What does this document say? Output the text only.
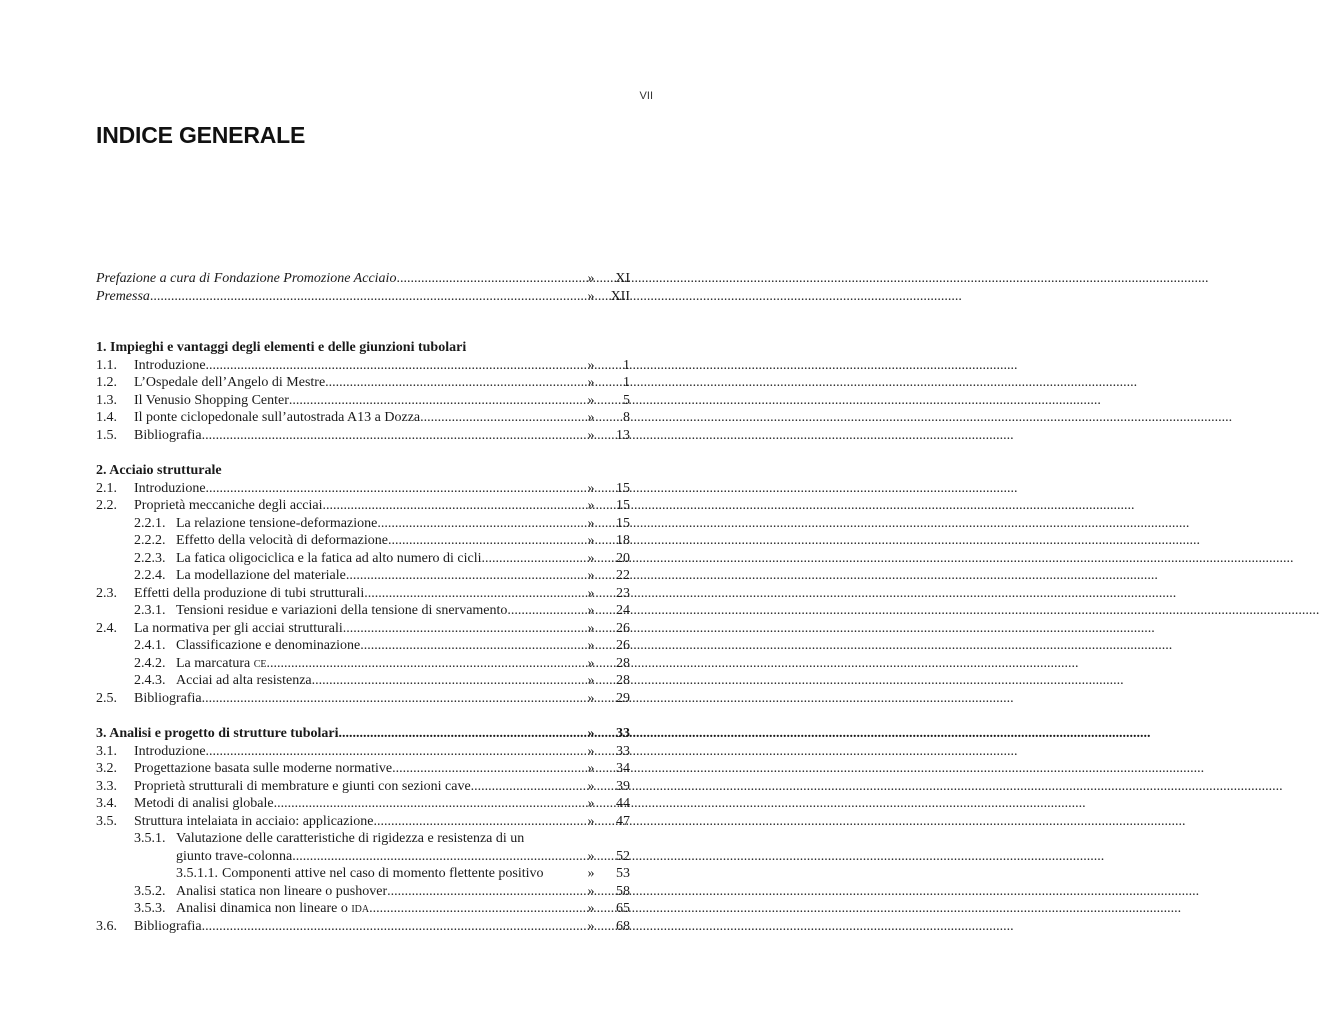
VII
INDICE GENERALE
Prefazione a cura di Fondazione Promozione Acciaio .....	»	XI
Premessa .....	»	XII
1. Impieghi e vantaggi degli elementi e delle giunzioni tubolari
1.1.	Introduzione .....	»	1
1.2.	L’Ospedale dell’Angelo di Mestre .....	»	1
1.3.	Il Venusio Shopping Center .....	»	5
1.4.	Il ponte ciclopedonale sull’autostrada A13 a Dozza .....	»	8
1.5.	Bibliografia .....	»	13
2. Acciaio strutturale
2.1.	Introduzione .....	»	15
2.2.	Proprietà meccaniche degli acciai .....	»	15
2.2.1. La relazione tensione-deformazione .....	»	15
2.2.2. Effetto della velocità di deformazione .....	»	18
2.2.3. La fatica oligociclica e la fatica ad alto numero di cicli .....	»	20
2.2.4. La modellazione del materiale .....	»	22
2.3.	Effetti della produzione di tubi strutturali .....	»	23
2.3.1. Tensioni residue e variazioni della tensione di snervamento .....	»	24
2.4.	La normativa per gli acciai strutturali .....	»	26
2.4.1. Classificazione e denominazione .....	»	26
2.4.2. La marcatura CE .....	»	28
2.4.3. Acciai ad alta resistenza .....	»	28
2.5.	Bibliografia .....	»	29
3. Analisi e progetto di strutture tubolari .....	»	33
3.1.	Introduzione .....	»	33
3.2.	Progettazione basata sulle moderne normative .....	»	34
3.3.	Proprietà strutturali di membrature e giunti con sezioni cave .....	»	39
3.4.	Metodi di analisi globale .....	»	44
3.5.	Struttura intelaiata in acciaio: applicazione .....	»	47
3.5.1. Valutazione delle caratteristiche di rigidezza e resistenza di un
giunto trave-colonna .....	»	52
3.5.1.1. Componenti attive nel caso di momento flettente positivo	»	53
3.5.2. Analisi statica non lineare o pushover .....	»	58
3.5.3. Analisi dinamica non lineare o IDA .....	»	65
3.6.	Bibliografia .....	»	68
